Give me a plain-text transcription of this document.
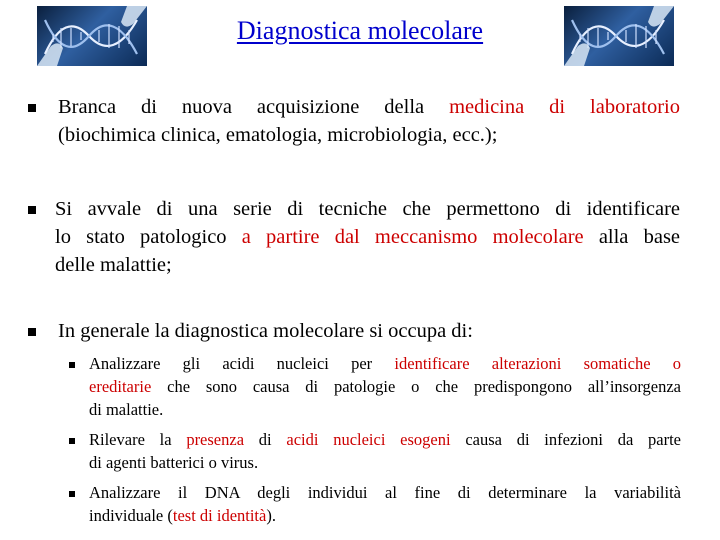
Diagnostica molecolare
Branca di nuova acquisizione della medicina di laboratorio
(biochimica clinica, ematologia, microbiologia, ecc.);
Si avvale di una serie di tecniche che permettono di identificare
lo stato patologico a partire dal meccanismo molecolare alla base
delle malattie;
In generale la diagnostica molecolare si occupa di:
Analizzare gli acidi nucleici per identificare alterazioni somatiche o
ereditarie che sono causa di patologie o che predispongono all’insorgenza
di malattie.
Rilevare la presenza di acidi nucleici esogeni causa di infezioni da parte
di agenti batterici o virus.
Analizzare il DNA degli individui al fine di determinare la variabilità
individuale (test di identità).
